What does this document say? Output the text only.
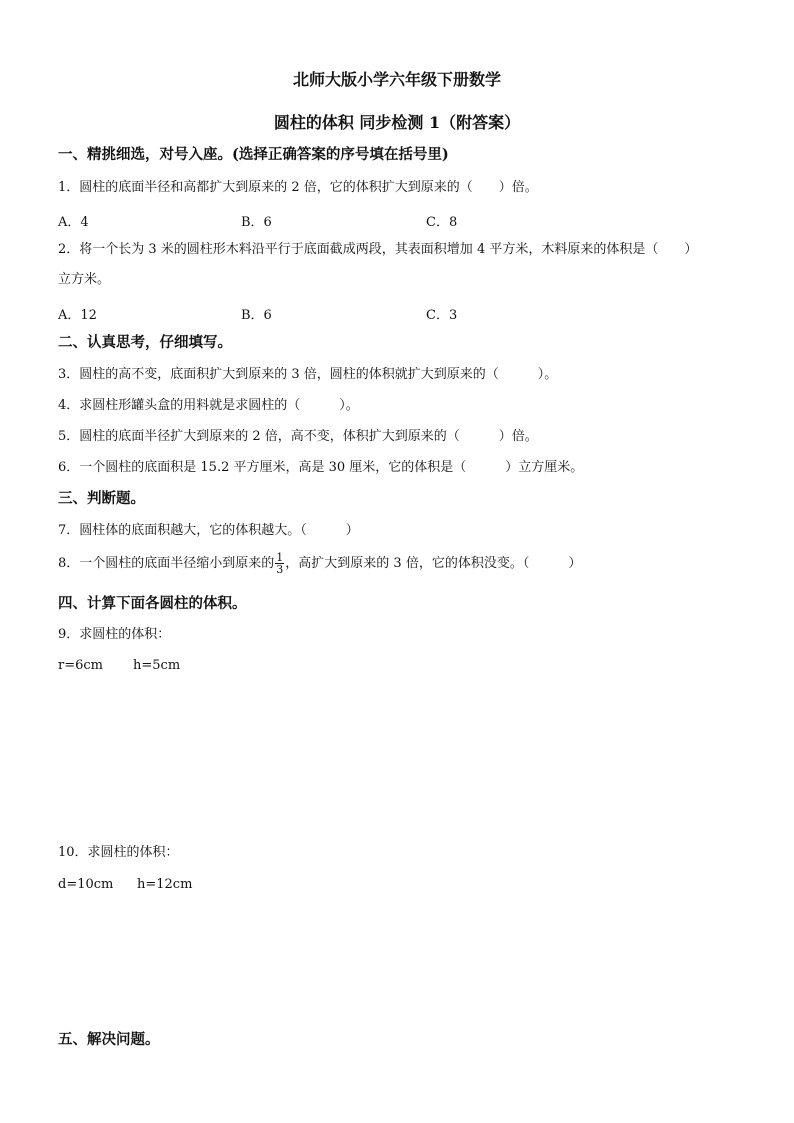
北师大版小学六年级下册数学
圆柱的体积 同步检测 1（附答案）
一、精挑细选，对号入座。(选择正确答案的序号填在括号里)
1．圆柱的底面半径和高都扩大到原来的 2 倍，它的体积扩大到原来的（　　）倍。
A．4	B．6	C．8
2．将一个长为 3 米的圆柱形木料沿平行于底面截成两段，其表面积增加 4 平方米，木料原来的体积是（　　）
立方米。
A．12	B．6	C．3
二、认真思考，仔细填写。
3．圆柱的高不变，底面积扩大到原来的 3 倍，圆柱的体积就扩大到原来的（　　　）。
4．求圆柱形罐头盒的用料就是求圆柱的（　　　）。
5．圆柱的底面半径扩大到原来的 2 倍，高不变，体积扩大到原来的（　　　）倍。
6．一个圆柱的底面积是 15.2 平方厘米，高是 30 厘米，它的体积是（　　　）立方厘米。
三、判断题。
7．圆柱体的底面积越大，它的体积越大。（　　　）
8．一个圆柱的底面半径缩小到原来的 $\frac{1}{3}$ ，高扩大到原来的 3 倍，它的体积没变。（　　　）
四、计算下面各圆柱的体积。
9．求圆柱的体积：
r=6cm h=5cm
10．求圆柱的体积：
d=10cm h=12cm
五、解决问题。
